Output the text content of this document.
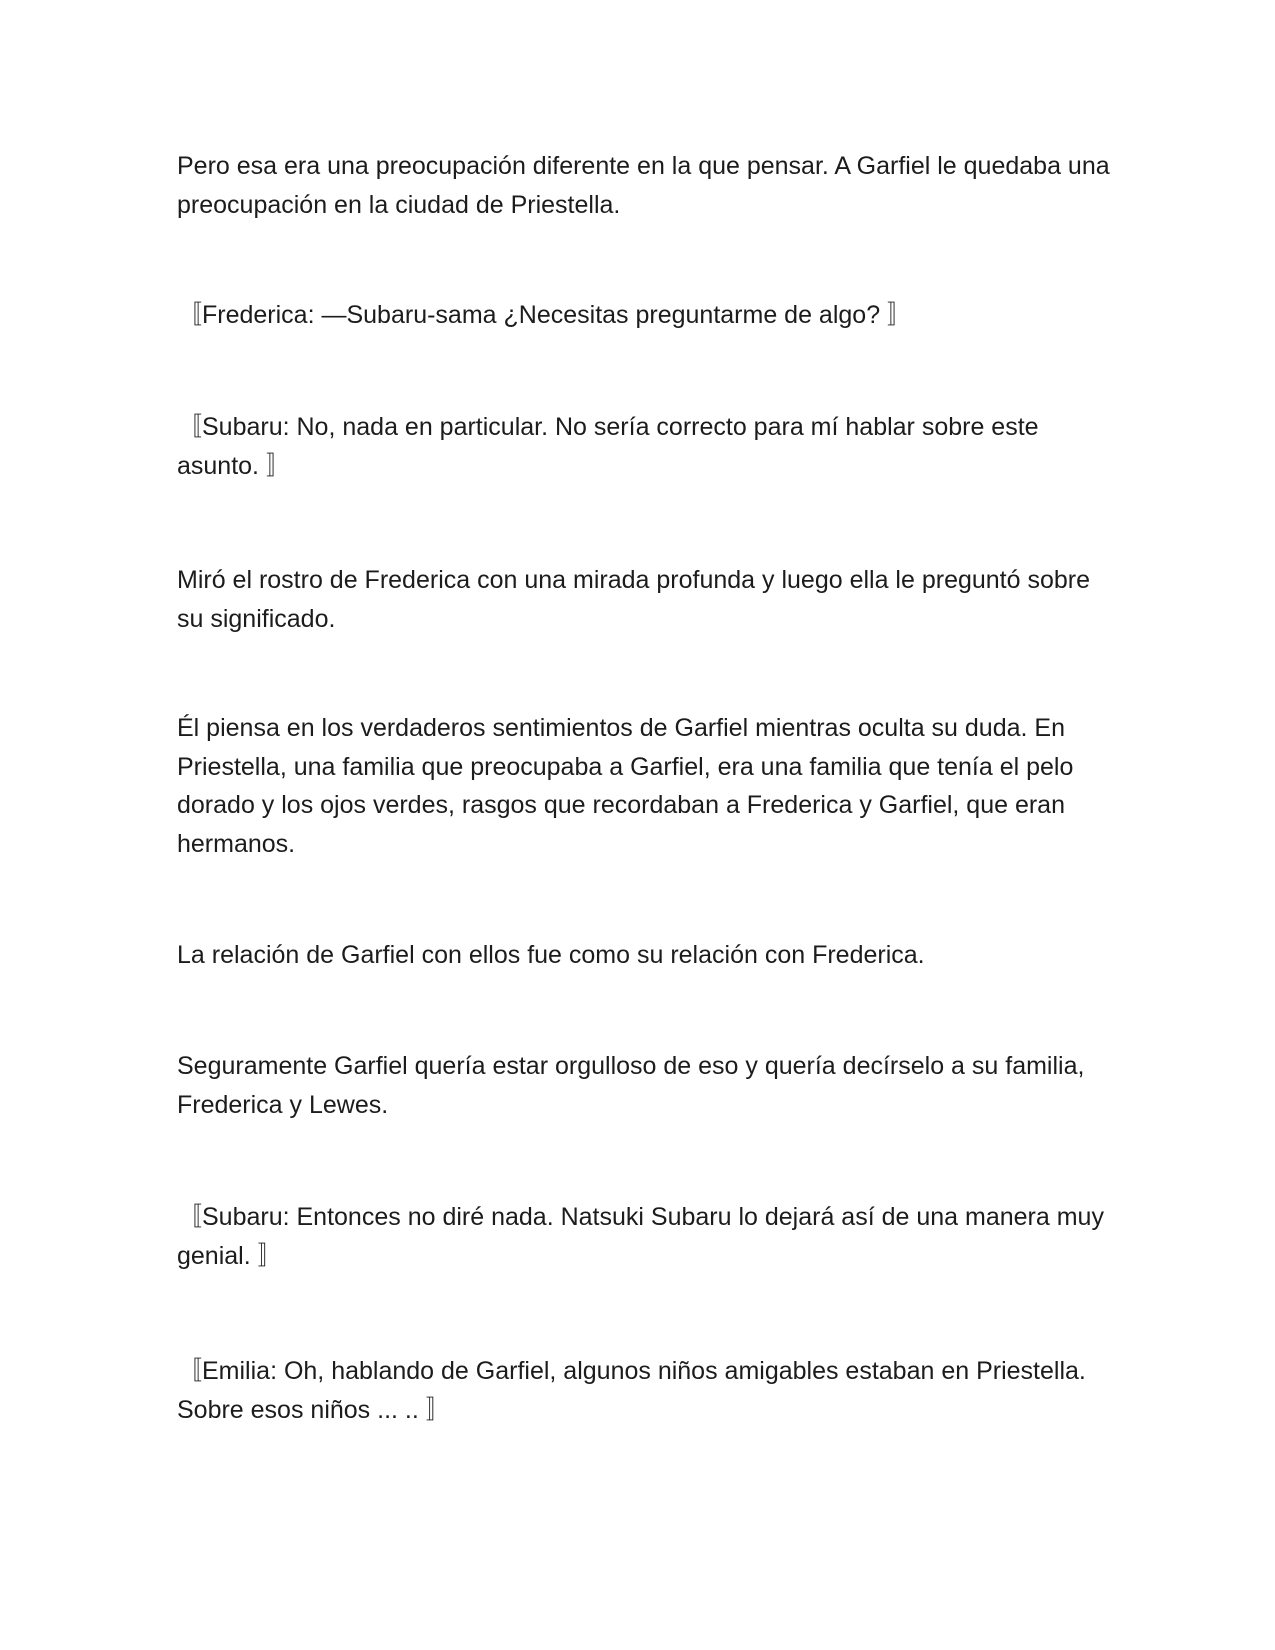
Pero esa era una preocupación diferente en la que pensar. A Garfiel le quedaba una preocupación en la ciudad de Priestella.

〚Frederica: —Subaru-sama ¿Necesitas preguntarme de algo? 〛

〚Subaru: No, nada en particular. No sería correcto para mí hablar sobre este asunto. 〛

Miró el rostro de Frederica con una mirada profunda y luego ella le preguntó sobre su significado.

Él piensa en los verdaderos sentimientos de Garfiel mientras oculta su duda. En Priestella, una familia que preocupaba a Garfiel, era una familia que tenía el pelo dorado y los ojos verdes, rasgos que recordaban a Frederica y Garfiel, que eran hermanos.

La relación de Garfiel con ellos fue como su relación con Frederica.

Seguramente Garfiel quería estar orgulloso de eso y quería decírselo a su familia, Frederica y Lewes.

〚Subaru: Entonces no diré nada. Natsuki Subaru lo dejará así de una manera muy genial. 〛

〚Emilia: Oh, hablando de Garfiel, algunos niños amigables estaban en Priestella. Sobre esos niños ... .. 〛
